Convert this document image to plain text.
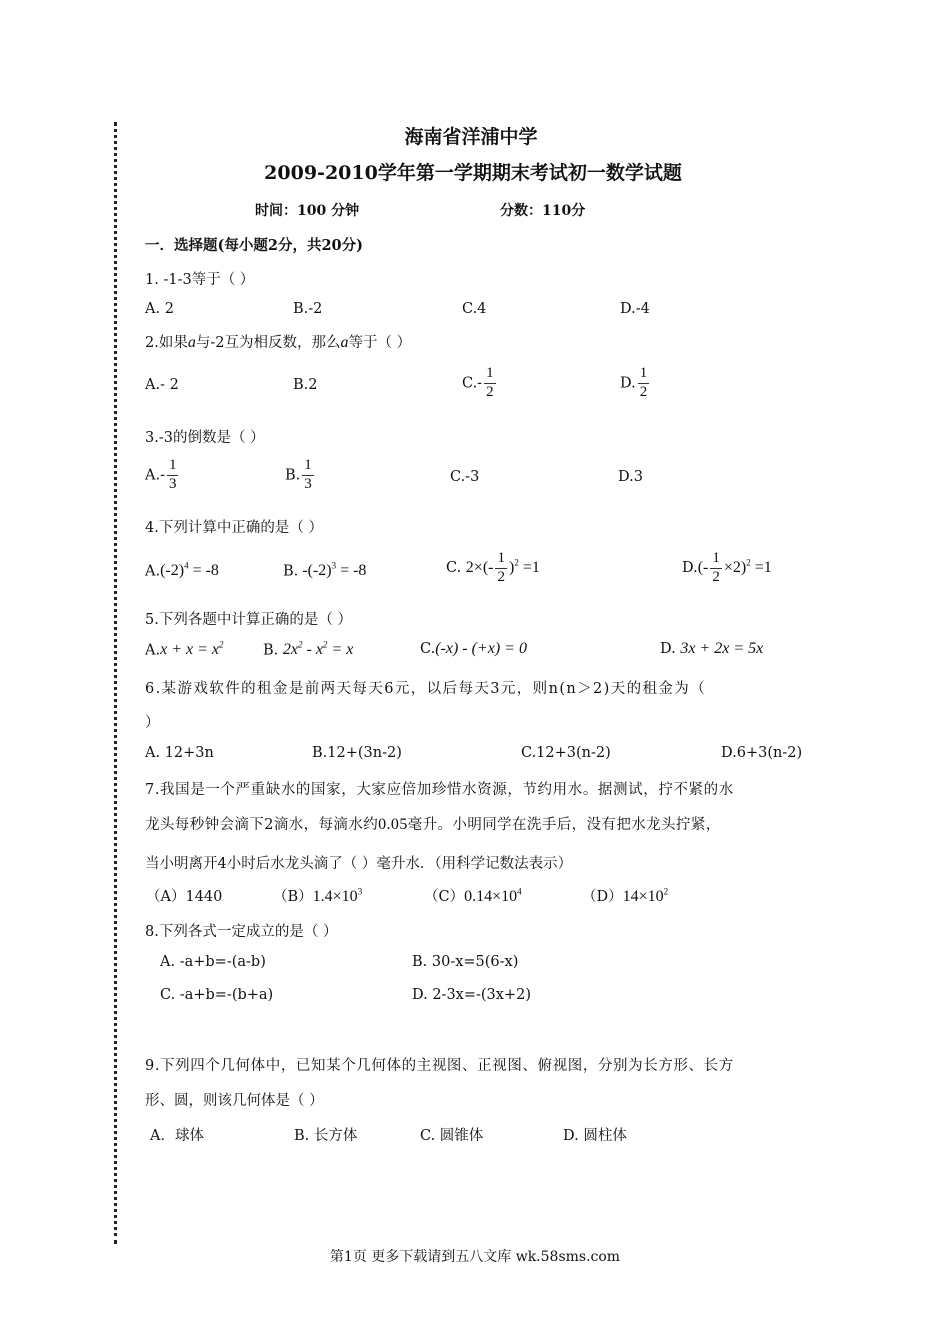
海南省洋浦中学
2009-2010学年第一学期期末考试初一数学试题
时间：100 分钟	分数：110分
一．选择题(每小题2分，共20分)
1. -1-3等于（ ）
A. 2	B.-2	C.4	D.-4
2.如果a与-2互为相反数，那么a等于（ ）
A.- 2	B.2	$C.- \frac{1}{2}$	D. $\frac{1}{2}$
3.-3的倒数是（ ）
$A.- \frac{1}{3}$	B. $\frac{1}{3}$	C.-3	D.3
4.下列计算中正确的是（ ）
$A.(-2)^4 = -8$	B. $-(-2)^3 = -8$	C. $2\times(- \frac{1}{2} )^2 =1$	$D.(- \frac{1}{2} \times 2)^2 =1$
5.下列各题中计算正确的是（ ）
$A.x + x = x^2$	B. $2x^2 - x^2 = x$	C.(-x) - (+x) = 0	D. 3x + 2x = 5x
6.某游戏软件的租金是前两天每天6元，以后每天3元，则n(n＞2)天的租金为（
）
A. 12+3n	B.12+(3n-2)	C.12+3(n-2)	D.6+3(n-2)
7.我国是一个严重缺水的国家，大家应倍加珍惜水资源，节约用水。据测试，拧不紧的水
龙头每秒钟会滴下2滴水，每滴水约0.05毫升。小明同学在洗手后，没有把水龙头拧紧，
当小明离开4小时后水龙头滴了（ ）毫升水．（用科学记数法表示）
（A）1440	$(B)1.4\times 10^3$	$(C)0.14\times 10^4$	$(D)14\times 10^2$
8.下列各式一定成立的是（ ）
A. -a+b=-(a-b)	B. 30-x=5(6-x)
C. -a+b=-(b+a)	D. 2-3x=-(3x+2)
9.下列四个几何体中，已知某个几何体的主视图、正视图、俯视图，分别为长方形、长方
形、圆，则该几何体是（ ）
A．球体	B. 长方体	C. 圆锥体	D. 圆柱体
第1页 更多下载请到五八文库 wk.58sms.com
